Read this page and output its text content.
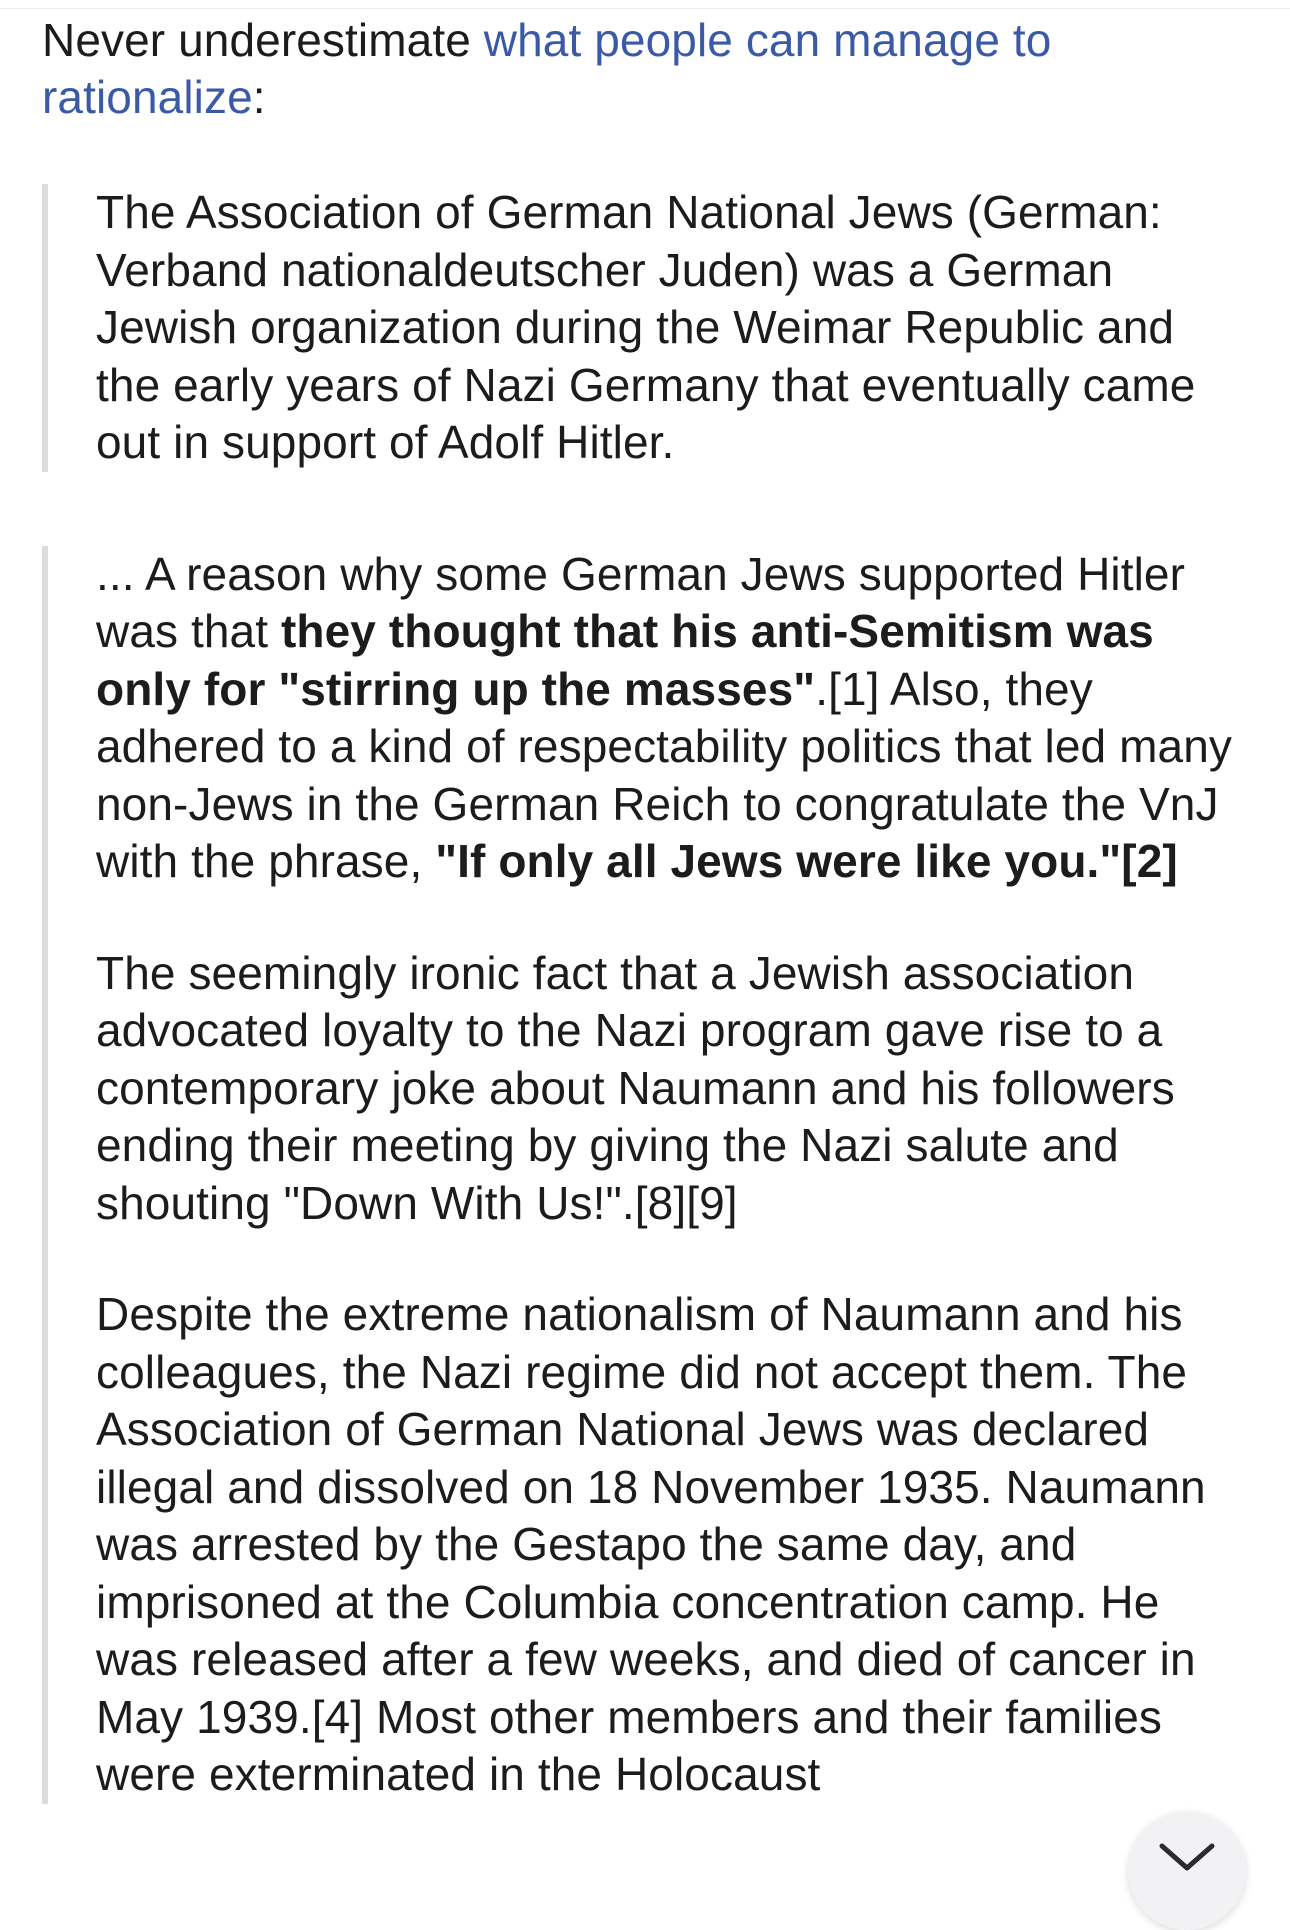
Never underestimate what people can manage to rationalize:

The Association of German National Jews (German: Verband nationaldeutscher Juden) was a German Jewish organization during the Weimar Republic and the early years of Nazi Germany that eventually came out in support of Adolf Hitler.

... A reason why some German Jews supported Hitler was that they thought that his anti-Semitism was only for "stirring up the masses".[1] Also, they adhered to a kind of respectability politics that led many non-Jews in the German Reich to congratulate the VnJ with the phrase, "If only all Jews were like you."[2]

The seemingly ironic fact that a Jewish association advocated loyalty to the Nazi program gave rise to a contemporary joke about Naumann and his followers ending their meeting by giving the Nazi salute and shouting "Down With Us!".[8][9]

Despite the extreme nationalism of Naumann and his colleagues, the Nazi regime did not accept them. The Association of German National Jews was declared illegal and dissolved on 18 November 1935. Naumann was arrested by the Gestapo the same day, and imprisoned at the Columbia concentration camp. He was released after a few weeks, and died of cancer in May 1939.[4] Most other members and their families were exterminated in the Holocaust
